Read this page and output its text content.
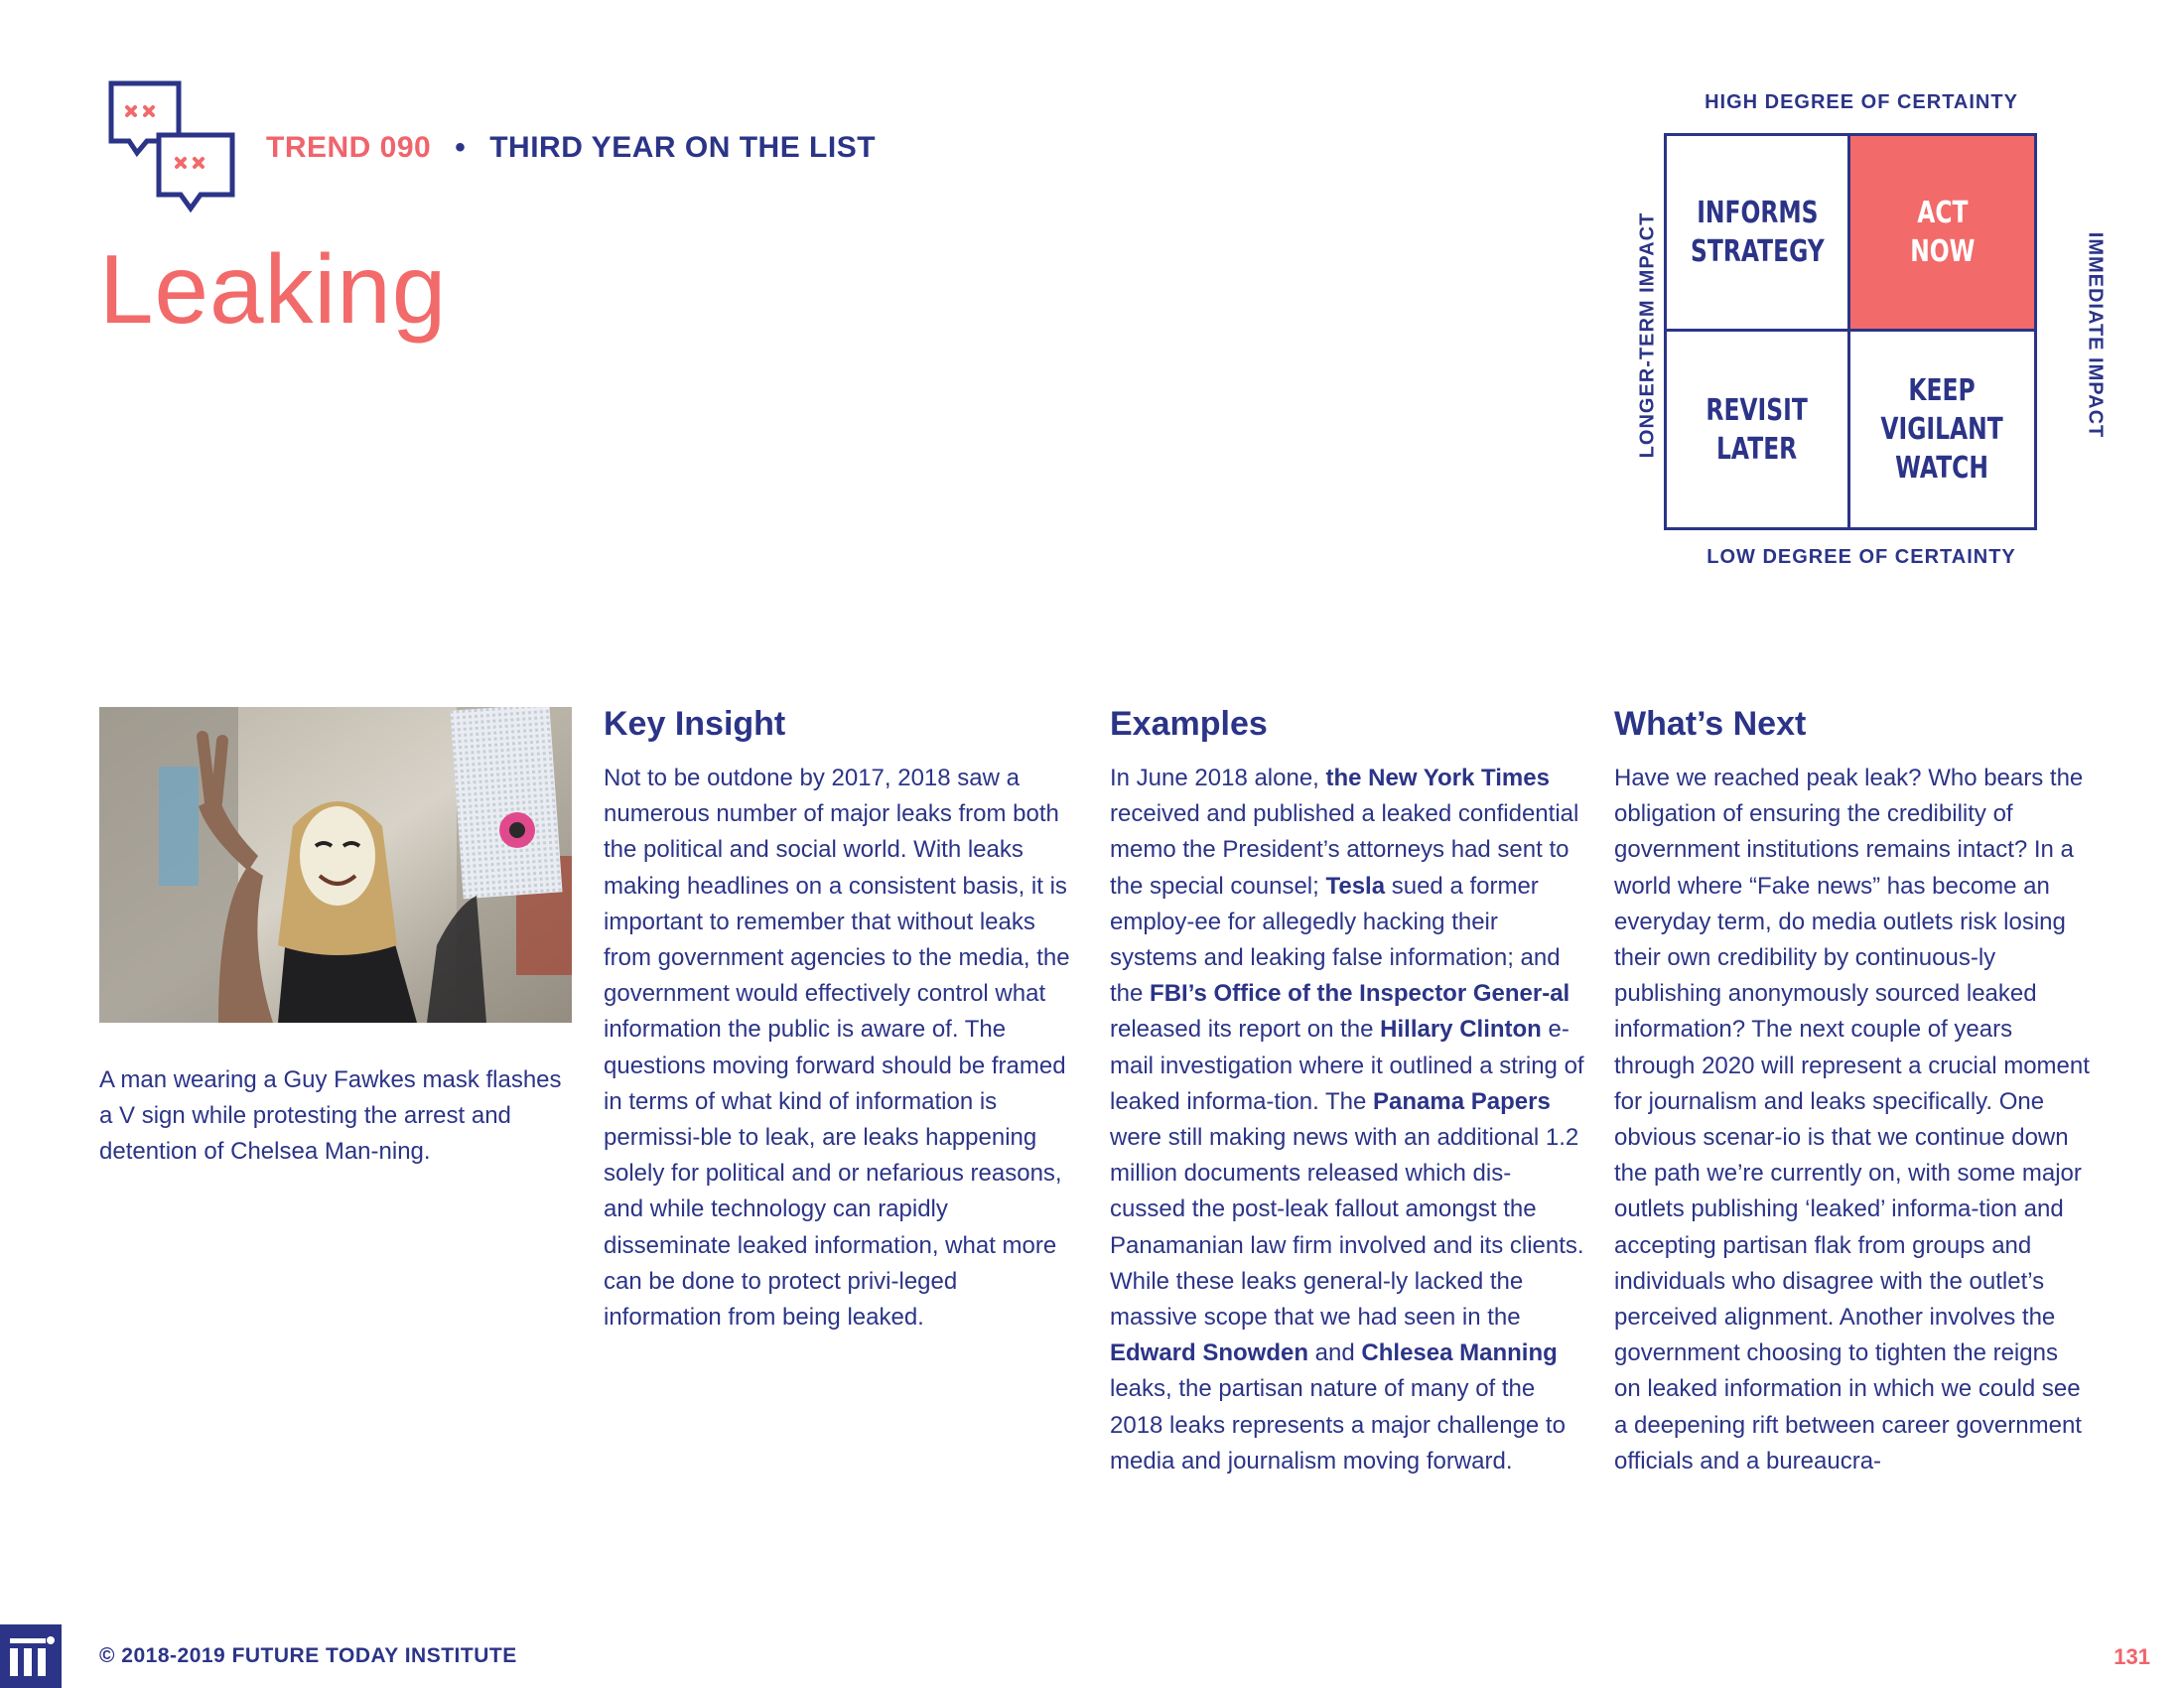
TREND 090 • THIRD YEAR ON THE LIST
Leaking
HIGH DEGREE OF CERTAINTY
LONGER-TERM IMPACT	IMMEDIATE IMPACT
INFORMS
STRATEGY
ACT
NOW
REVISIT
LATER
KEEP
VIGILANT
WATCH
LOW DEGREE OF CERTAINTY
A man wearing a Guy Fawkes mask flashes a V sign while protesting the arrest and detention of Chelsea Man-ning.
Key Insight

Not to be outdone by 2017, 2018 saw a numerous number of major leaks from both the political and social world. With leaks making headlines on a consistent basis, it is important to remember that without leaks from government agencies to the media, the government would effectively control what information the public is aware of. The questions moving forward should be framed in terms of what kind of information is permissi-ble to leak, are leaks happening solely for political and or nefarious reasons, and while technology can rapidly disseminate leaked information, what more can be done to protect privi-leged information from being leaked.

Examples

In June 2018 alone, the New York Times received and published a leaked confidential memo the President’s attorneys had sent to the special counsel; Tesla sued a former employ-ee for allegedly hacking their systems and leaking false information; and the FBI’s Office of the Inspector Gener-al released its report on the Hillary Clinton e-mail investigation where it outlined a string of leaked informa-tion. The Panama Papers were still making news with an additional 1.2 million documents released which dis-cussed the post-leak fallout amongst the Panamanian law firm involved and its clients. While these leaks general-ly lacked the massive scope that we had seen in the Edward Snowden and Chlesea Manning leaks, the partisan nature of many of the 2018 leaks represents a major challenge to media and journalism moving forward.

What’s Next

Have we reached peak leak? Who bears the obligation of ensuring the credibility of government institutions remains intact? In a world where “Fake news” has become an everyday term, do media outlets risk losing their own credibility by continuous-ly publishing anonymously sourced leaked information? The next couple of years through 2020 will represent a crucial moment for journalism and leaks specifically. One obvious scenar-io is that we continue down the path we’re currently on, with some major outlets publishing ‘leaked’ informa-tion and accepting partisan flak from groups and individuals who disagree with the outlet’s perceived alignment. Another involves the government choosing to tighten the reigns on leaked information in which we could see a deepening rift between career government officials and a bureaucra-

© 2018-2019 FUTURE TODAY INSTITUTE	131
